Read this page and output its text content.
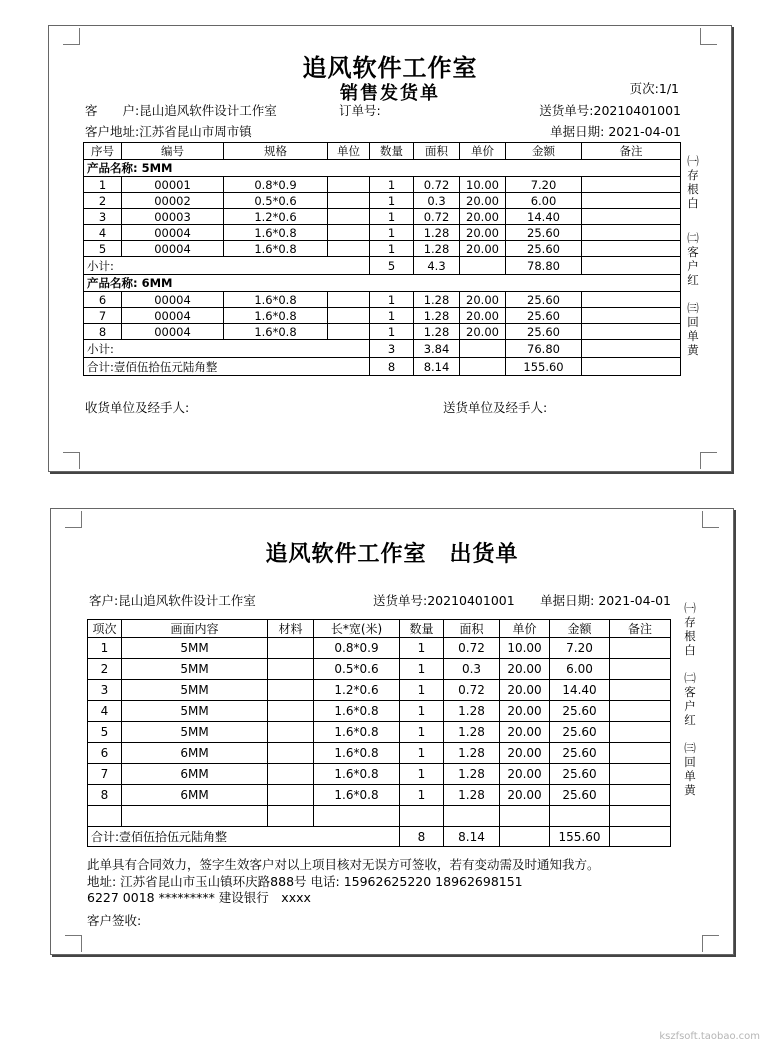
追风软件工作室
销售发货单	页次:1/1
客　　户:昆山追风软件设计工作室	订单号:	送货单号:20210401001
客户地址:江苏省昆山市周市镇	单据日期: 2021-04-01
序号	编号	规格	单位	数量	面积	单价	金额	备注
产品名称: 5MM								
1	00001	0.8*0.9		1	0.72	10.00	7.20	
2	00002	0.5*0.6		1	0.3	20.00	6.00	
3	00003	1.2*0.6		1	0.72	20.00	14.40	
4	00004	1.6*0.8		1	1.28	20.00	25.60	
5	00004	1.6*0.8		1	1.28	20.00	25.60	
小计:				5	4.3		78.80	
产品名称: 6MM								
6	00004	1.6*0.8		1	1.28	20.00	25.60	
7	00004	1.6*0.8		1	1.28	20.00	25.60	
8	00004	1.6*0.8		1	1.28	20.00	25.60	
小计:				3	3.84		76.80	
合计:壹佰伍拾伍元陆角整				8	8.14		155.60	
收货单位及经手人:	送货单位及经手人:
㈠存根白
㈡客户红
㈢回单黄
追风软件工作室　出货单
客户:昆山追风软件设计工作室	送货单号:20210401001 单据日期: 2021-04-01
项次	画面内容	材料	长*宽(米)	数量	面积	单价	金额	备注
1	5MM		0.8*0.9	1	0.72	10.00	7.20	
2	5MM		0.5*0.6	1	0.3	20.00	6.00	
3	5MM		1.2*0.6	1	0.72	20.00	14.40	
4	5MM		1.6*0.8	1	1.28	20.00	25.60	
5	5MM		1.6*0.8	1	1.28	20.00	25.60	
6	6MM		1.6*0.8	1	1.28	20.00	25.60	
7	6MM		1.6*0.8	1	1.28	20.00	25.60	
8	6MM		1.6*0.8	1	1.28	20.00	25.60	

合计:壹佰伍拾伍元陆角整				8	8.14		155.60	
此单具有合同效力，签字生效客户对以上项目核对无误方可签收，若有变动需及时通知我方。
地址: 江苏省昆山市玉山镇环庆路888号 电话: 15962625220 18962698151
6227 0018 ********* 建设银行　xxxx
客户签收:
㈠存根白
㈡客户红
㈢回单黄
kszfsoft.taobao.com
